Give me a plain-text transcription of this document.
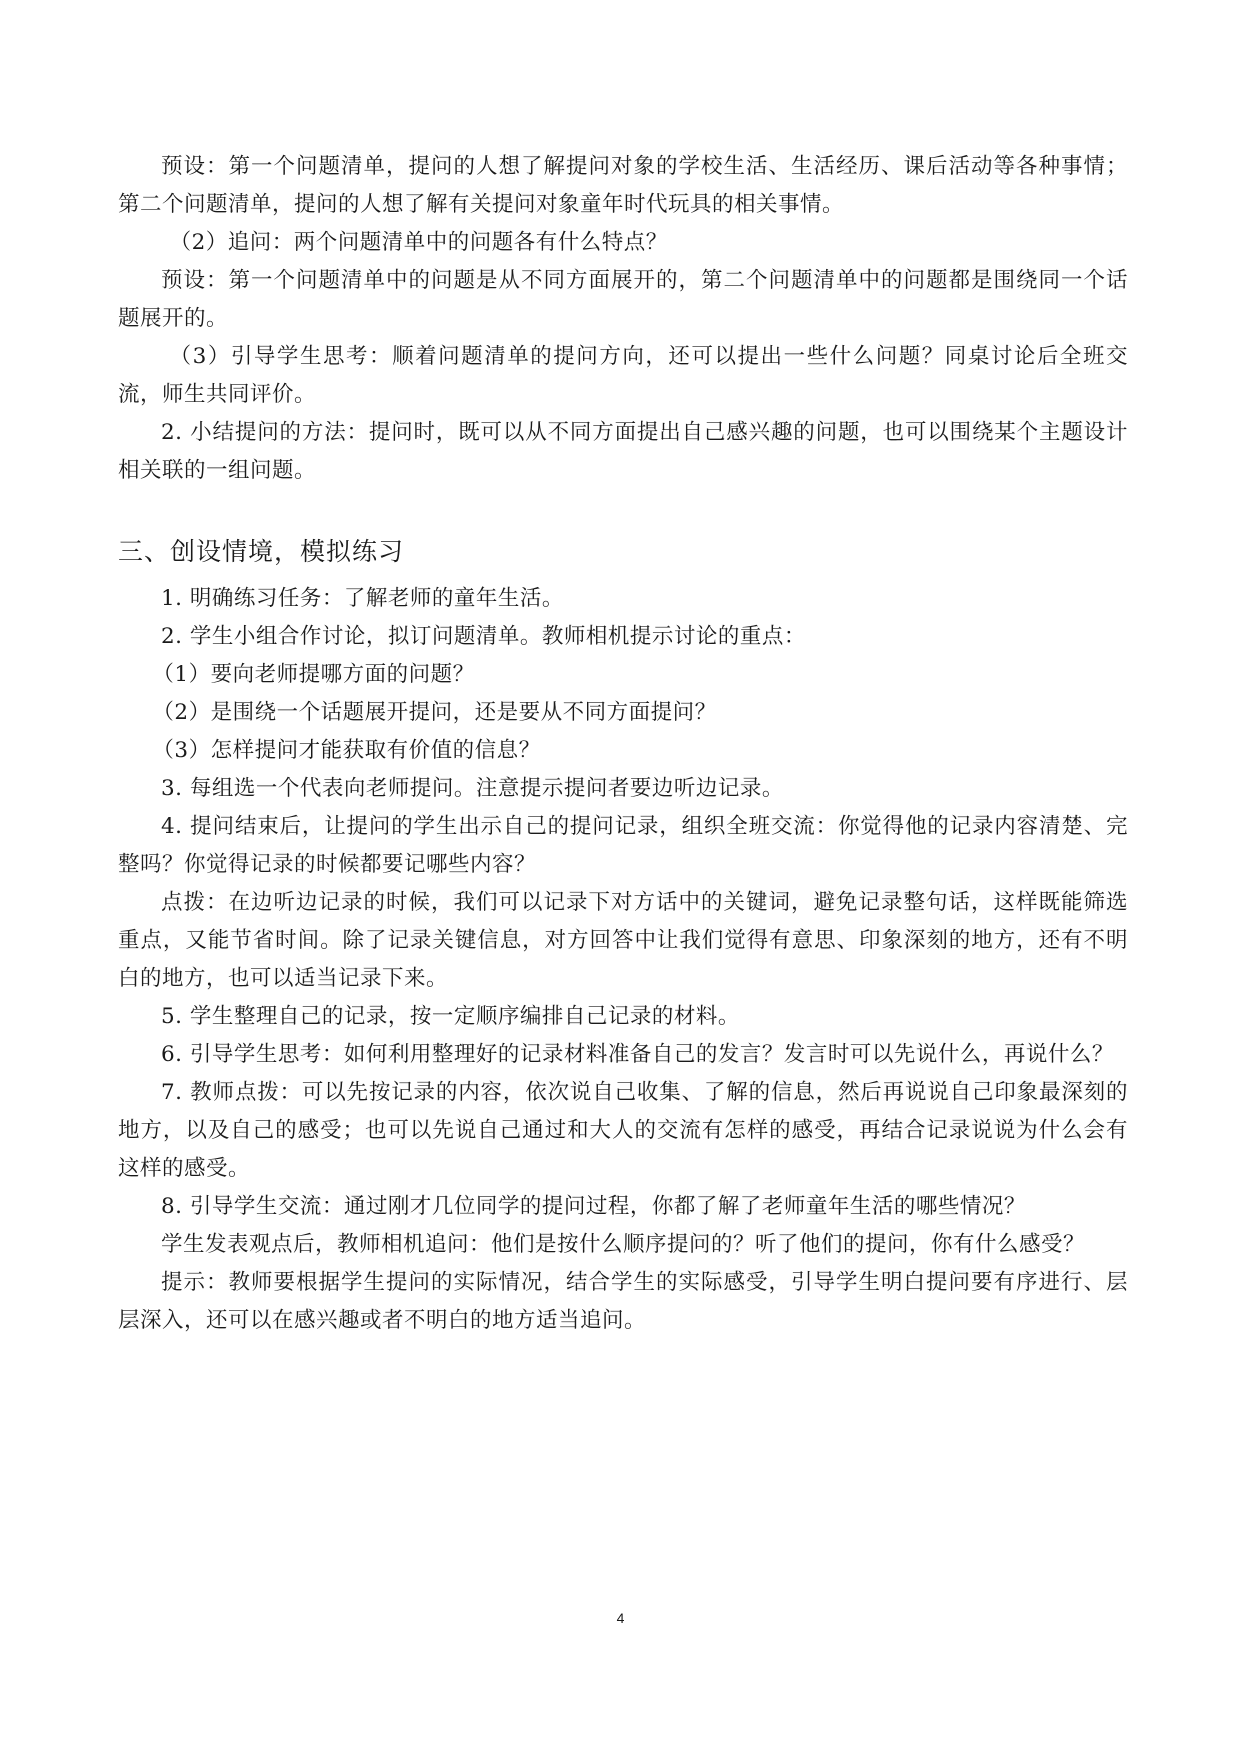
预设：第一个问题清单，提问的人想了解提问对象的学校生活、生活经历、课后活动等各种事情；第二个问题清单，提问的人想了解有关提问对象童年时代玩具的相关事情。

（2）追问：两个问题清单中的问题各有什么特点？

预设：第一个问题清单中的问题是从不同方面展开的，第二个问题清单中的问题都是围绕同一个话题展开的。

（3）引导学生思考：顺着问题清单的提问方向，还可以提出一些什么问题？同桌讨论后全班交流，师生共同评价。

2. 小结提问的方法：提问时，既可以从不同方面提出自己感兴趣的问题，也可以围绕某个主题设计相关联的一组问题。

三、创设情境，模拟练习

1. 明确练习任务：了解老师的童年生活。

2. 学生小组合作讨论，拟订问题清单。教师相机提示讨论的重点：

（1）要向老师提哪方面的问题？

（2）是围绕一个话题展开提问，还是要从不同方面提问？

（3）怎样提问才能获取有价值的信息？

3. 每组选一个代表向老师提问。注意提示提问者要边听边记录。

4. 提问结束后，让提问的学生出示自己的提问记录，组织全班交流：你觉得他的记录内容清楚、完整吗？你觉得记录的时候都要记哪些内容？

点拨：在边听边记录的时候，我们可以记录下对方话中的关键词，避免记录整句话，这样既能筛选重点，又能节省时间。除了记录关键信息，对方回答中让我们觉得有意思、印象深刻的地方，还有不明白的地方，也可以适当记录下来。

5. 学生整理自己的记录，按一定顺序编排自己记录的材料。

6. 引导学生思考：如何利用整理好的记录材料准备自己的发言？发言时可以先说什么，再说什么？

7. 教师点拨：可以先按记录的内容，依次说自己收集、了解的信息，然后再说说自己印象最深刻的地方，以及自己的感受；也可以先说自己通过和大人的交流有怎样的感受，再结合记录说说为什么会有这样的感受。

8. 引导学生交流：通过刚才几位同学的提问过程，你都了解了老师童年生活的哪些情况？

学生发表观点后，教师相机追问：他们是按什么顺序提问的？听了他们的提问，你有什么感受？

提示：教师要根据学生提问的实际情况，结合学生的实际感受，引导学生明白提问要有序进行、层层深入，还可以在感兴趣或者不明白的地方适当追问。

4
